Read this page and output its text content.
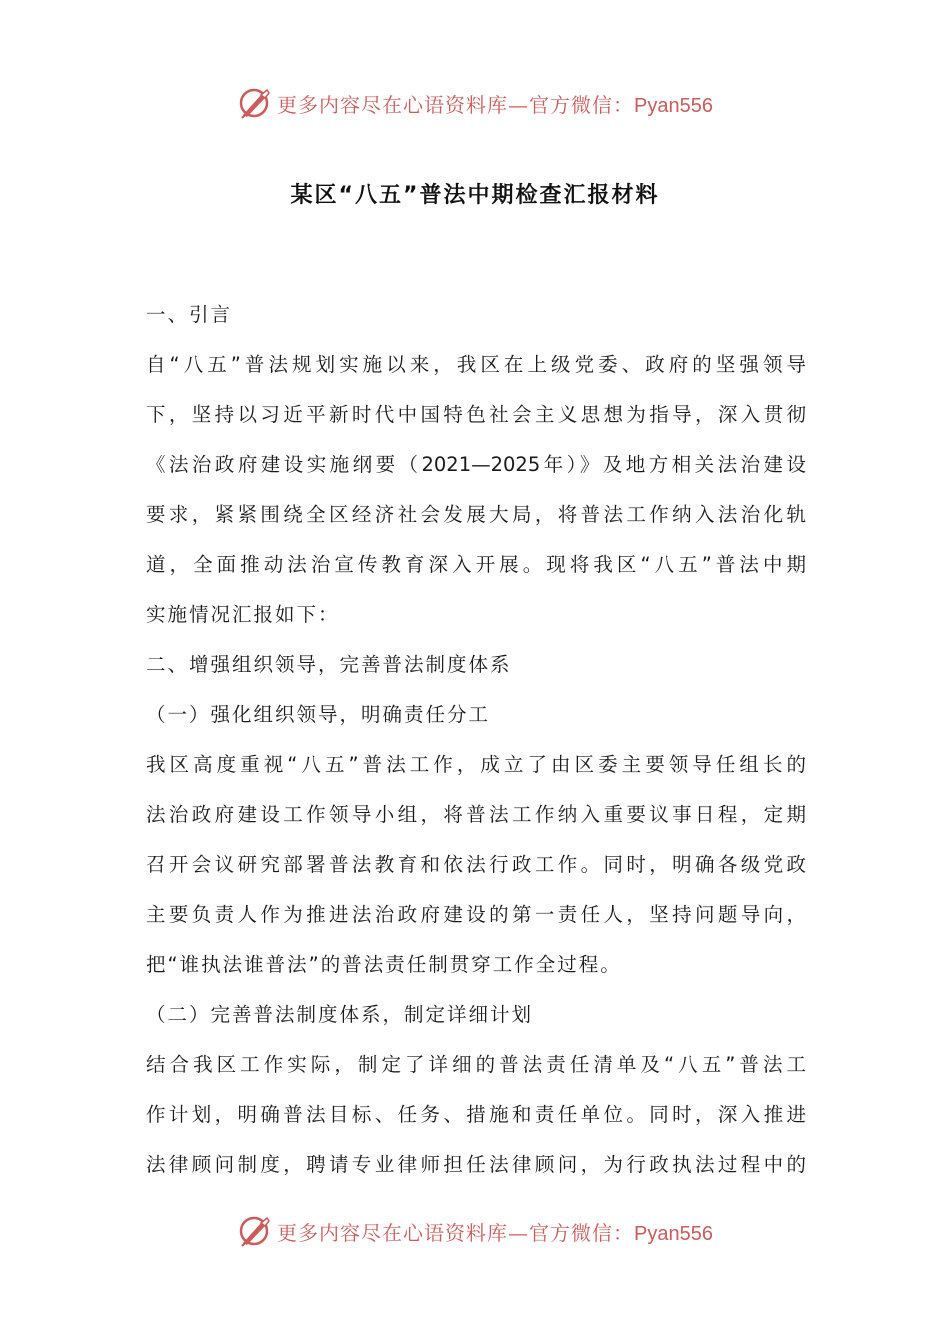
更多内容尽在心语资料库—官方微信：Pyan556
某区“八五”普法中期检查汇报材料
一、引言
自“八五”普法规划实施以来，我区在上级党委、政府的坚强领导
下，坚持以习近平新时代中国特色社会主义思想为指导，深入贯彻
《法治政府建设实施纲要（2021—2025年）》及地方相关法治建设
要求，紧紧围绕全区经济社会发展大局，将普法工作纳入法治化轨
道，全面推动法治宣传教育深入开展。现将我区“八五”普法中期
实施情况汇报如下：
二、增强组织领导，完善普法制度体系
（一）强化组织领导，明确责任分工
我区高度重视“八五”普法工作，成立了由区委主要领导任组长的
法治政府建设工作领导小组，将普法工作纳入重要议事日程，定期
召开会议研究部署普法教育和依法行政工作。同时，明确各级党政
主要负责人作为推进法治政府建设的第一责任人，坚持问题导向，
把“谁执法谁普法”的普法责任制贯穿工作全过程。
（二）完善普法制度体系，制定详细计划
结合我区工作实际，制定了详细的普法责任清单及“八五”普法工
作计划，明确普法目标、任务、措施和责任单位。同时，深入推进
法律顾问制度，聘请专业律师担任法律顾问，为行政执法过程中的
更多内容尽在心语资料库—官方微信：Pyan556
